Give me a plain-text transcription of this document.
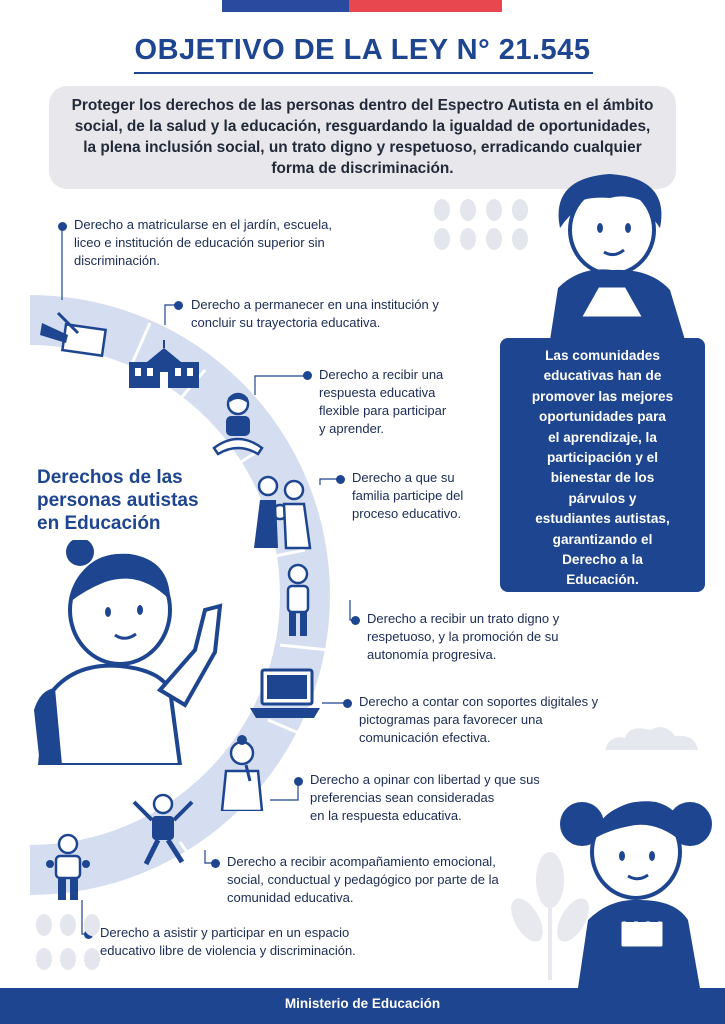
OBJETIVO DE LA LEY N° 21.545
Proteger los derechos de las personas dentro del Espectro Autista en el ámbito social, de la salud y la educación, resguardando la igualdad de oportunidades, la plena inclusión social, un trato digno y respetuoso, erradicando cualquier forma de discriminación.
Derecho a matricularse en el jardín, escuela,
liceo e institución de educación superior sin
discriminación.
Derecho a permanecer en una institución y
concluir su trayectoria educativa.
Derecho a recibir una
respuesta educativa
flexible para participar
y aprender.
Derecho a que su
familia participe del
proceso educativo.
Derecho a recibir un trato digno y
respetuoso, y la promoción de su
autonomía progresiva.
Derecho a contar con soportes digitales y
pictogramas para favorecer una
comunicación efectiva.
Derecho a opinar con libertad y que sus
preferencias sean consideradas
en la respuesta educativa.
Derecho a recibir acompañamiento emocional,
social, conductual y pedagógico por parte de la
comunidad educativa.
Derecho a asistir y participar en un espacio
educativo libre de violencia y discriminación.
Derechos de las
personas autistas
en Educación
Las comunidades
educativas han de
promover las mejores
oportunidades para
el aprendizaje, la
participación y el
bienestar de los
párvulos y
estudiantes autistas,
garantizando el
Derecho a la
Educación.
Ministerio de Educación
